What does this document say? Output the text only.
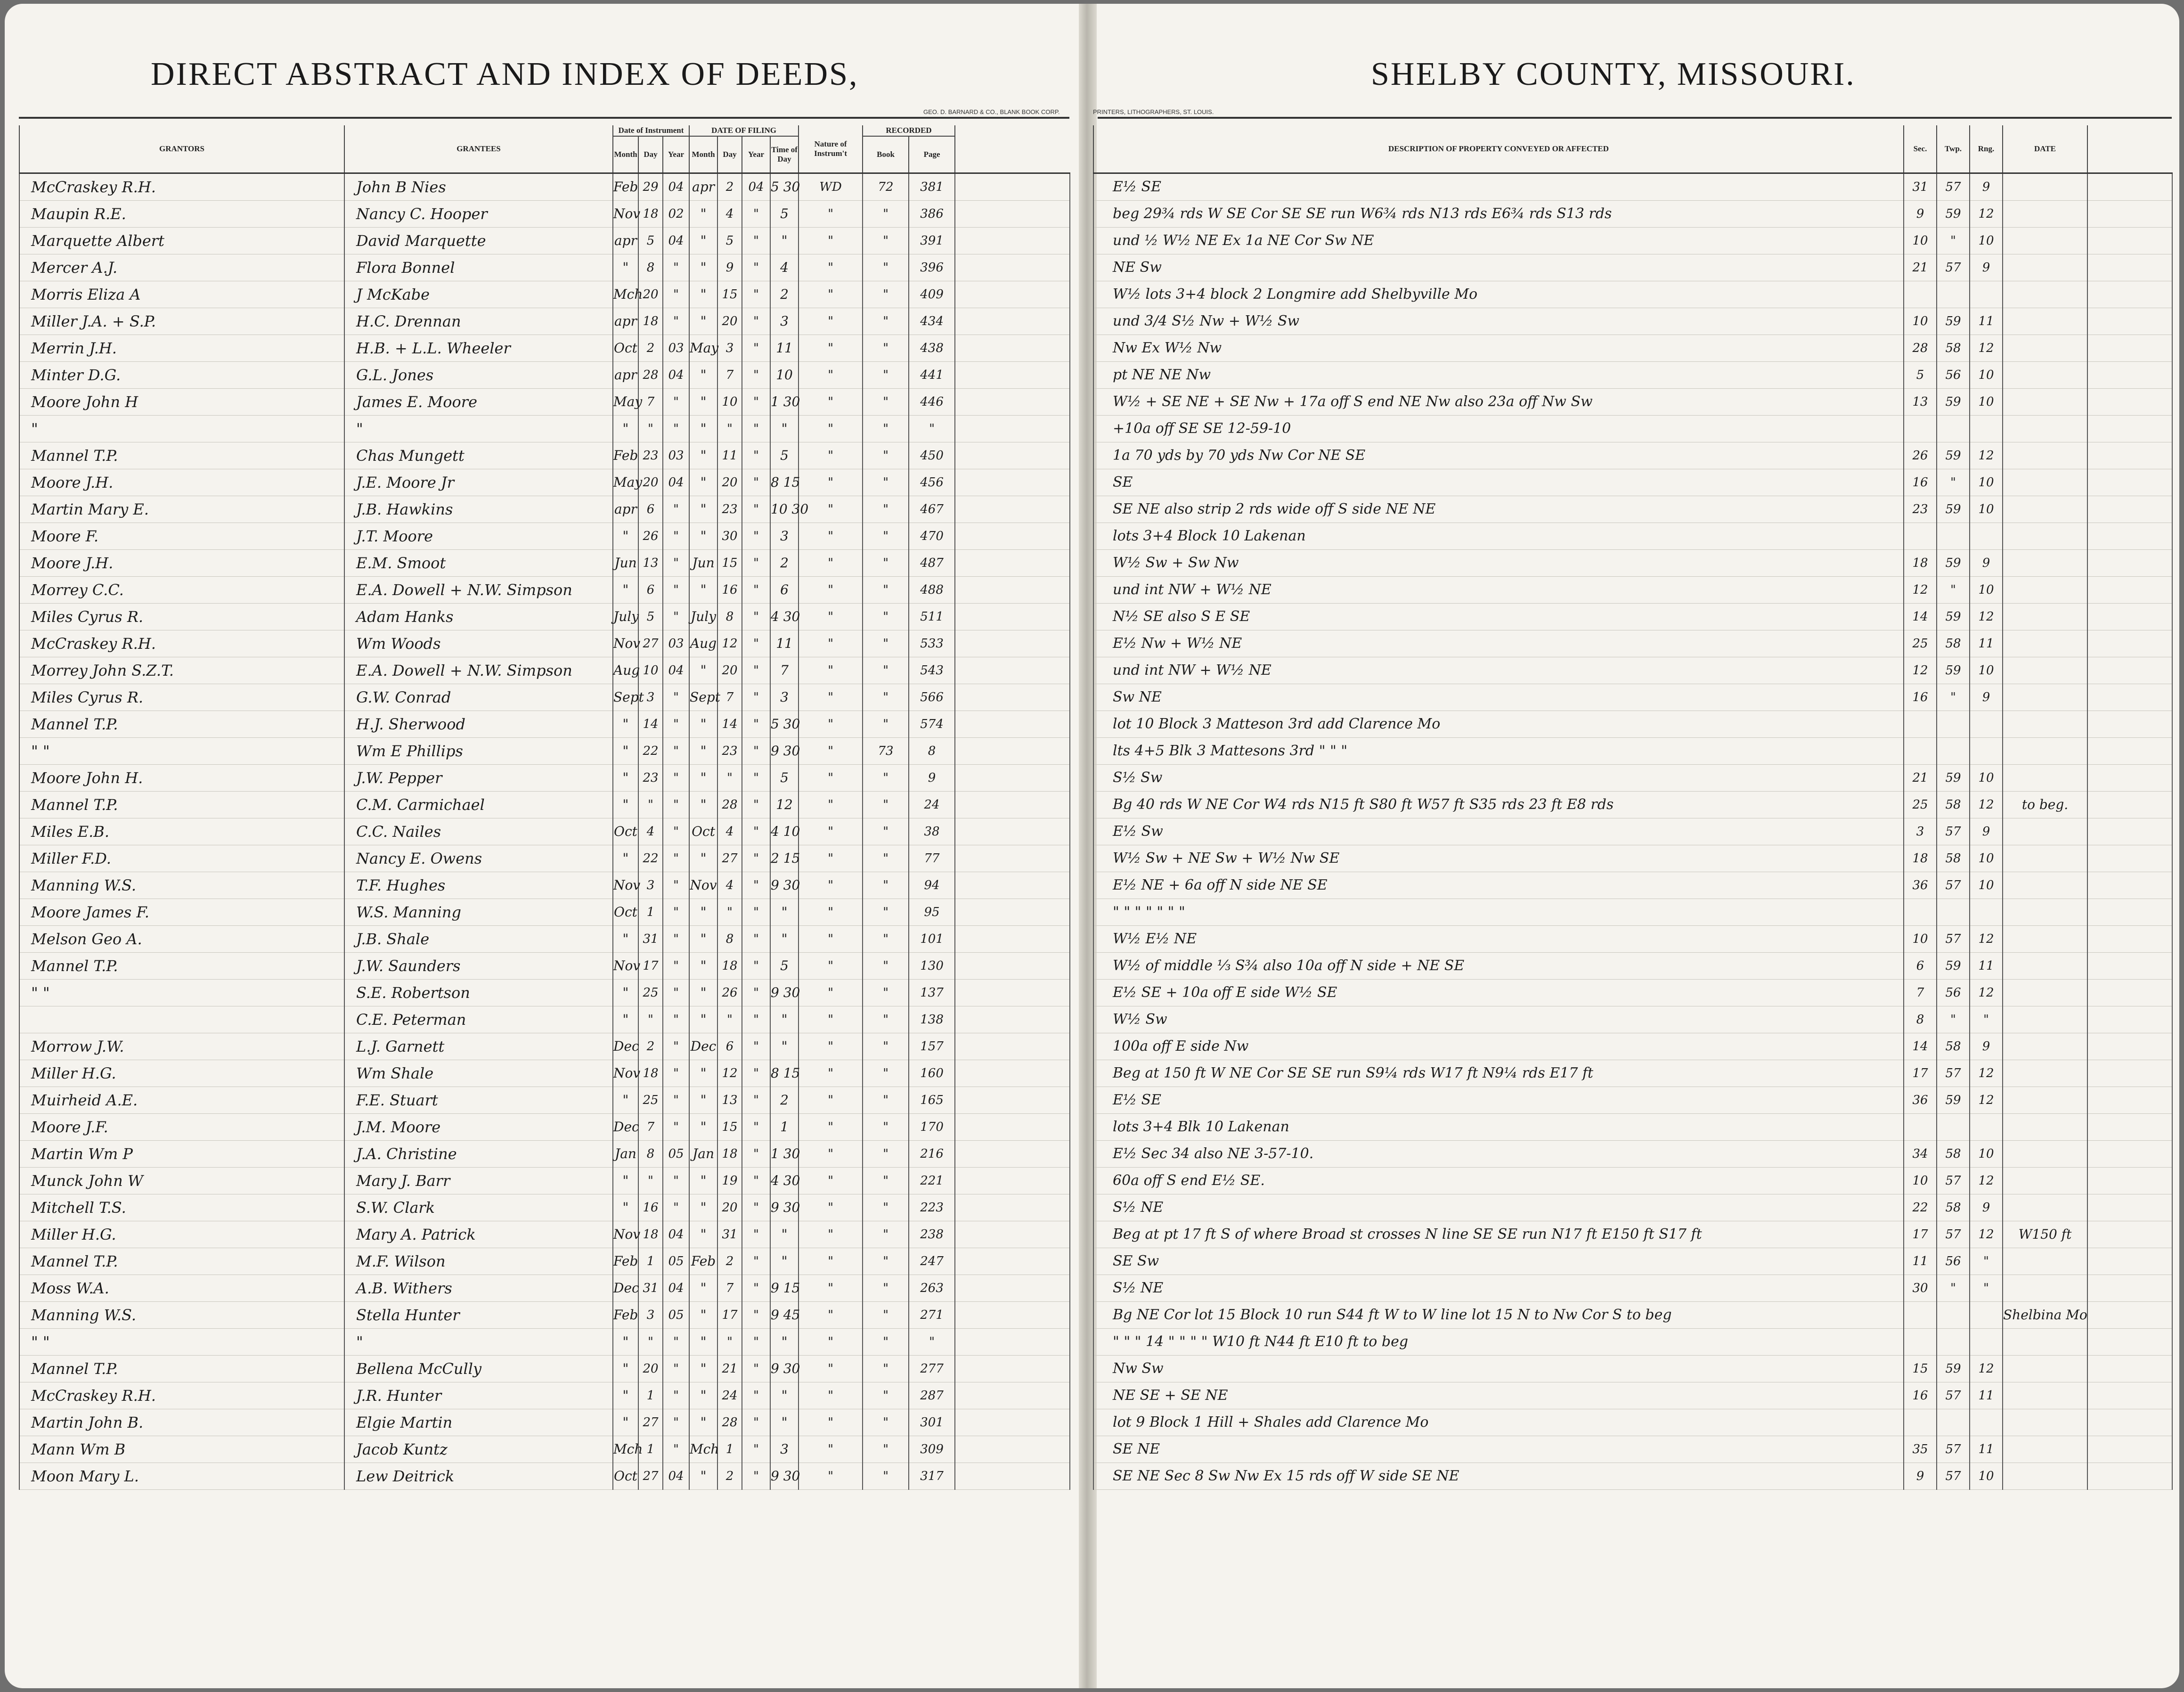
DIRECT ABSTRACT AND INDEX OF DEEDS,	SHELBY COUNTY, MISSOURI.
GEO. D. BARNARD & CO., BLANK BOOK CORP.	PRINTERS, LITHOGRAPHERS, ST. LOUIS.
GRANTORS	GRANTEES	Date of Instrument			DATE OF FILING				Nature of Instrum't	RECORDED		
		Month	Day	Year	Month	Day	Year	Time of Day		Book	Page	
McCraskey R.H.	John B Nies	Feb	29	04	apr	2	04	5 30	WD	72	381	
Maupin R.E.	Nancy C. Hooper	Nov	18	02	"	4	"	5	"	"	386	
Marquette Albert	David Marquette	apr	5	04	"	5	"	"	"	"	391	
Mercer A.J.	Flora Bonnel	"	8	"	"	9	"	4	"	"	396	
Morris Eliza A	J McKabe	Mch	20	"	"	15	"	2	"	"	409	
Miller J.A. + S.P.	H.C. Drennan	apr	18	"	"	20	"	3	"	"	434	
Merrin J.H.	H.B. + L.L. Wheeler	Oct	2	03	May	3	"	11	"	"	438	
Minter D.G.	G.L. Jones	apr	28	04	"	7	"	10	"	"	441	
Moore John H	James E. Moore	May	7	"	"	10	"	1 30	"	"	446	
"	"	"	"	"	"	"	"	"	"	"	"	
Mannel T.P.	Chas Mungett	Feb	23	03	"	11	"	5	"	"	450	
Moore J.H.	J.E. Moore Jr	May	20	04	"	20	"	8 15	"	"	456	
Martin Mary E.	J.B. Hawkins	apr	6	"	"	23	"	10 30	"	"	467	
Moore F.	J.T. Moore	"	26	"	"	30	"	3	"	"	470	
Moore J.H.	E.M. Smoot	Jun	13	"	Jun	15	"	2	"	"	487	
Morrey C.C.	E.A. Dowell + N.W. Simpson	"	6	"	"	16	"	6	"	"	488	
Miles Cyrus R.	Adam Hanks	July	5	"	July	8	"	4 30	"	"	511	
McCraskey R.H.	Wm Woods	Nov	27	03	Aug	12	"	11	"	"	533	
Morrey John S.Z.T.	E.A. Dowell + N.W. Simpson	Aug	10	04	"	20	"	7	"	"	543	
Miles Cyrus R.	G.W. Conrad	Sept	3	"	Sept	7	"	3	"	"	566	
Mannel T.P.	H.J. Sherwood	"	14	"	"	14	"	5 30	"	"	574	
" "	Wm E Phillips	"	22	"	"	23	"	9 30	"	73	8	
Moore John H.	J.W. Pepper	"	23	"	"	"	"	5	"	"	9	
Mannel T.P.	C.M. Carmichael	"	"	"	"	28	"	12	"	"	24	
Miles E.B.	C.C. Nailes	Oct	4	"	Oct	4	"	4 10	"	"	38	
Miller F.D.	Nancy E. Owens	"	22	"	"	27	"	2 15	"	"	77	
Manning W.S.	T.F. Hughes	Nov	3	"	Nov	4	"	9 30	"	"	94	
Moore James F.	W.S. Manning	Oct	1	"	"	"	"	"	"	"	95	
Melson Geo A.	J.B. Shale	"	31	"	"	8	"	"	"	"	101	
Mannel T.P.	J.W. Saunders	Nov	17	"	"	18	"	5	"	"	130	
" "	S.E. Robertson	"	25	"	"	26	"	9 30	"	"	137	
	C.E. Peterman	"	"	"	"	"	"	"	"	"	138	
Morrow J.W.	L.J. Garnett	Dec	2	"	Dec	6	"	"	"	"	157	
Miller H.G.	Wm Shale	Nov	18	"	"	12	"	8 15	"	"	160	
Muirheid A.E.	F.E. Stuart	"	25	"	"	13	"	2	"	"	165	
Moore J.F.	J.M. Moore	Dec	7	"	"	15	"	1	"	"	170	
Martin Wm P	J.A. Christine	Jan	8	05	Jan	18	"	1 30	"	"	216	
Munck John W	Mary J. Barr	"	"	"	"	19	"	4 30	"	"	221	
Mitchell T.S.	S.W. Clark	"	16	"	"	20	"	9 30	"	"	223	
Miller H.G.	Mary A. Patrick	Nov	18	04	"	31	"	"	"	"	238	
Mannel T.P.	M.F. Wilson	Feb	1	05	Feb	2	"	"	"	"	247	
Moss W.A.	A.B. Withers	Dec	31	04	"	7	"	9 15	"	"	263	
Manning W.S.	Stella Hunter	Feb	3	05	"	17	"	9 45	"	"	271	
" "	"	"	"	"	"	"	"	"	"	"	"	
Mannel T.P.	Bellena McCully	"	20	"	"	21	"	9 30	"	"	277	
McCraskey R.H.	J.R. Hunter	"	1	"	"	24	"	"	"	"	287	
Martin John B.	Elgie Martin	"	27	"	"	28	"	"	"	"	301	
Mann Wm B	Jacob Kuntz	Mch	1	"	Mch	1	"	3	"	"	309	
Moon Mary L.	Lew Deitrick	Oct	27	04	"	2	"	9 30	"	"	317	
DESCRIPTION OF PROPERTY CONVEYED OR AFFECTED	Sec.	Twp.	Rng.	DATE	
E½ SE	31	57	9		
beg 29¾ rds W SE Cor SE SE run W6¾ rds N13 rds E6¾ rds S13 rds	9	59	12		
und ½ W½ NE Ex 1a NE Cor Sw NE	10	"	10		
NE Sw	21	57	9		
W½ lots 3+4 block 2 Longmire add Shelbyville Mo					
und 3/4 S½ Nw + W½ Sw	10	59	11		
Nw Ex W½ Nw	28	58	12		
pt NE NE Nw	5	56	10		
W½ + SE NE + SE Nw + 17a off S end NE Nw also 23a off Nw Sw	13	59	10		
+10a off SE SE 12-59-10					
1a 70 yds by 70 yds Nw Cor NE SE	26	59	12		
SE	16	"	10		
SE NE also strip 2 rds wide off S side NE NE	23	59	10		
lots 3+4 Block 10 Lakenan					
W½ Sw + Sw Nw	18	59	9		
und int NW + W½ NE	12	"	10		
N½ SE also S E SE	14	59	12		
E½ Nw + W½ NE	25	58	11		
und int NW + W½ NE	12	59	10		
Sw NE	16	"	9		
lot 10 Block 3 Matteson 3rd add Clarence Mo					
lts 4+5 Blk 3 Mattesons 3rd " " "					
S½ Sw	21	59	10		
Bg 40 rds W NE Cor W4 rds N15 ft S80 ft W57 ft S35 rds 23 ft E8 rds	25	58	12	to beg.	
E½ Sw	3	57	9		
W½ Sw + NE Sw + W½ Nw SE	18	58	10		
E½ NE + 6a off N side NE SE	36	57	10		
" " " " " " "					
W½ E½ NE	10	57	12		
W½ of middle ⅓ S¾ also 10a off N side + NE SE	6	59	11		
E½ SE + 10a off E side W½ SE	7	56	12		
W½ Sw	8	"	"		
100a off E side Nw	14	58	9		
Beg at 150 ft W NE Cor SE SE run S9¼ rds W17 ft N9¼ rds E17 ft	17	57	12		
E½ SE	36	59	12		
lots 3+4 Blk 10 Lakenan					
E½ Sec 34 also NE 3-57-10.	34	58	10		
60a off S end E½ SE.	10	57	12		
S½ NE	22	58	9		
Beg at pt 17 ft S of where Broad st crosses N line SE SE run N17 ft E150 ft S17 ft	17	57	12	W150 ft	
SE Sw	11	56	"		
S½ NE	30	"	"		
Bg NE Cor lot 15 Block 10 run S44 ft W to W line lot 15 N to Nw Cor S to beg				Shelbina Mo	
" " " 14 " " " " W10 ft N44 ft E10 ft to beg					
Nw Sw	15	59	12		
NE SE + SE NE	16	57	11		
lot 9 Block 1 Hill + Shales add Clarence Mo					
SE NE	35	57	11		
SE NE Sec 8 Sw Nw Ex 15 rds off W side SE NE	9	57	10		
